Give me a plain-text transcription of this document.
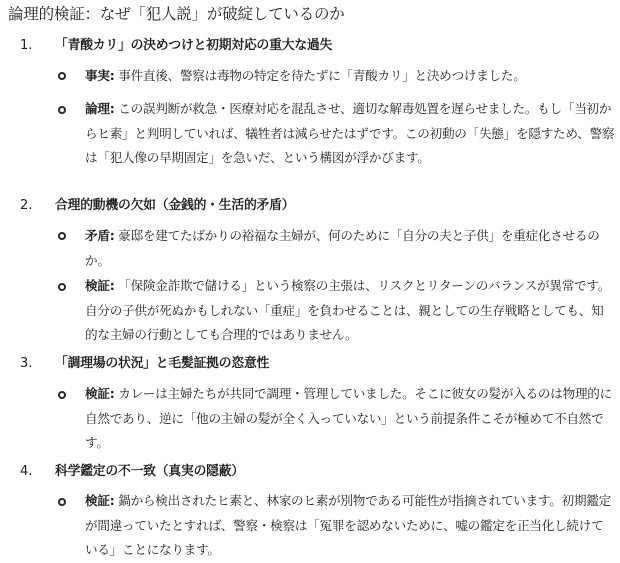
論理的検証：なぜ「犯人説」が破綻しているのか
1. 「青酸カリ」の決めつけと初期対応の重大な過失
事実: 事件直後、警察は毒物の特定を待たずに「青酸カリ」と決めつけました。
論理: この誤判断が救急・医療対応を混乱させ、適切な解毒処置を遅らせました。もし「当初からヒ素」と判明していれば、犠牲者は減らせたはずです。この初動の「失態」を隠すため、警察は「犯人像の早期固定」を急いだ、という構図が浮かびます。
2. 合理的動機の欠如（金銭的・生活的矛盾）
矛盾: 豪邸を建てたばかりの裕福な主婦が、何のために「自分の夫と子供」を重症化させるのか。
検証: 「保険金詐欺で儲ける」という検察の主張は、リスクとリターンのバランスが異常です。自分の子供が死ぬかもしれない「重症」を負わせることは、親としての生存戦略としても、知的な主婦の行動としても合理的ではありません。
3. 「調理場の状況」と毛髪証拠の恣意性
検証: カレーは主婦たちが共同で調理・管理していました。そこに彼女の髪が入るのは物理的に自然であり、逆に「他の主婦の髪が全く入っていない」という前提条件こそが極めて不自然です。
4. 科学鑑定の不一致（真実の隠蔽）
検証: 鍋から検出されたヒ素と、林家のヒ素が別物である可能性が指摘されています。初期鑑定が間違っていたとすれば、警察・検察は「冤罪を認めないために、嘘の鑑定を正当化し続けている」ことになります。
